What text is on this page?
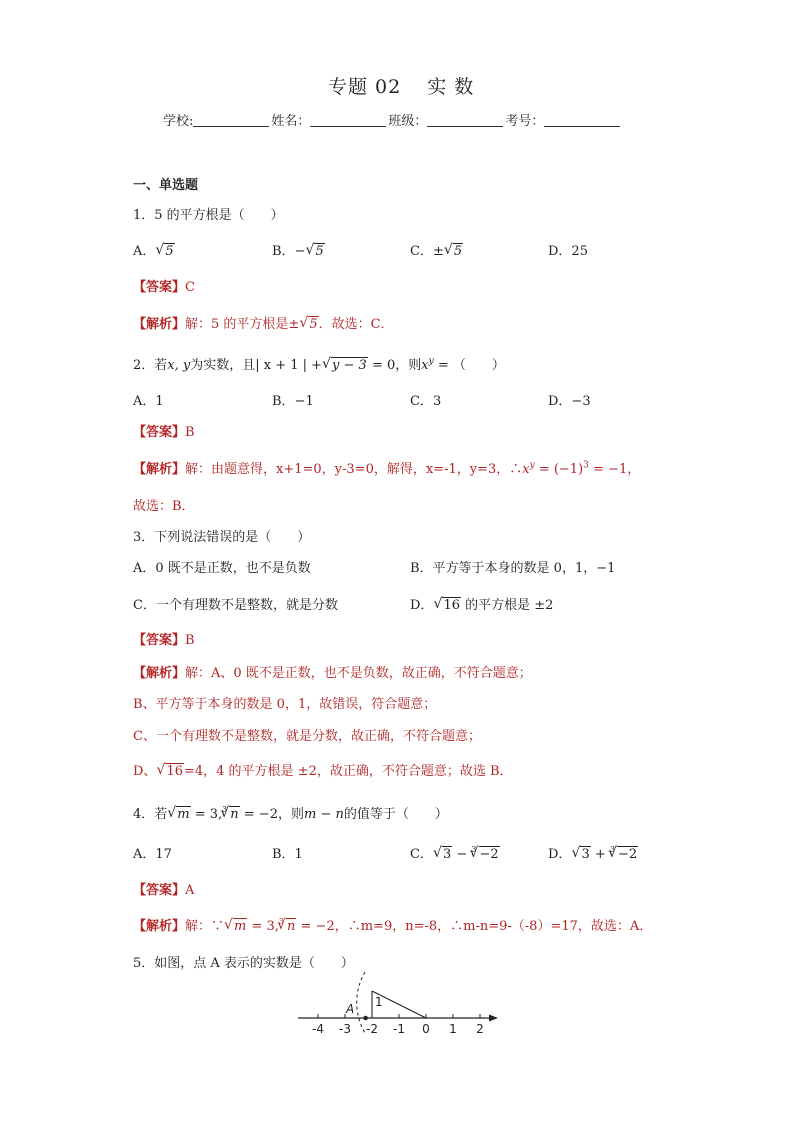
专题 02 实 数
学校:	姓名：	班级：	考号：
一、单选题
1．5 的平方根是（　　）
A． √ 5	B．− √ 5	C．± √ 5	D．25
【答案】C
【解析】解：5 的平方根是± √ 5．故选：C．
2．若x, y为实数，且| x + 1 | + √ y − 3 = 0，则$x^y$ = （　　）
A．1	B．−1	C．3	D．−3
【答案】B
【解析】解：由题意得，x+1=0，y-3=0，解得，x=-1，y=3，$\therefore x^y = (-1)^3 = -1$，
故选：B．
3．下列说法错误的是（　　）
A．0 既不是正数，也不是负数	B．平方等于本身的数是 0，1，−1
C．一个有理数不是整数，就是分数	D． √ 16 的平方根是 ±2
【答案】B
【解析】解：A、0 既不是正数，也不是负数，故正确，不符合题意；
B、平方等于本身的数是 0，1，故错误，符合题意；
C、一个有理数不是整数，就是分数，故正确，不符合题意；
D、 √ 16=4，4 的平方根是 ±2，故正确，不符合题意；故选 B．
4．若 √ m = 3,$^3$ √ n = −2，则m − n的值等于（　　）
A．17	B．1	C． √ 3 − $^3$ √ −2	D． √ 3 + $^3$ √ −2
【答案】A
【解析】解：∵ √ m = 3,$^3$ √ n = −2，∴m=9，n=-8，∴m-n=9-（-8）=17，故选：A．
5．如图，点 A 表示的实数是（　　）
-4 -3 -2 -1 0 1 2
A 1
